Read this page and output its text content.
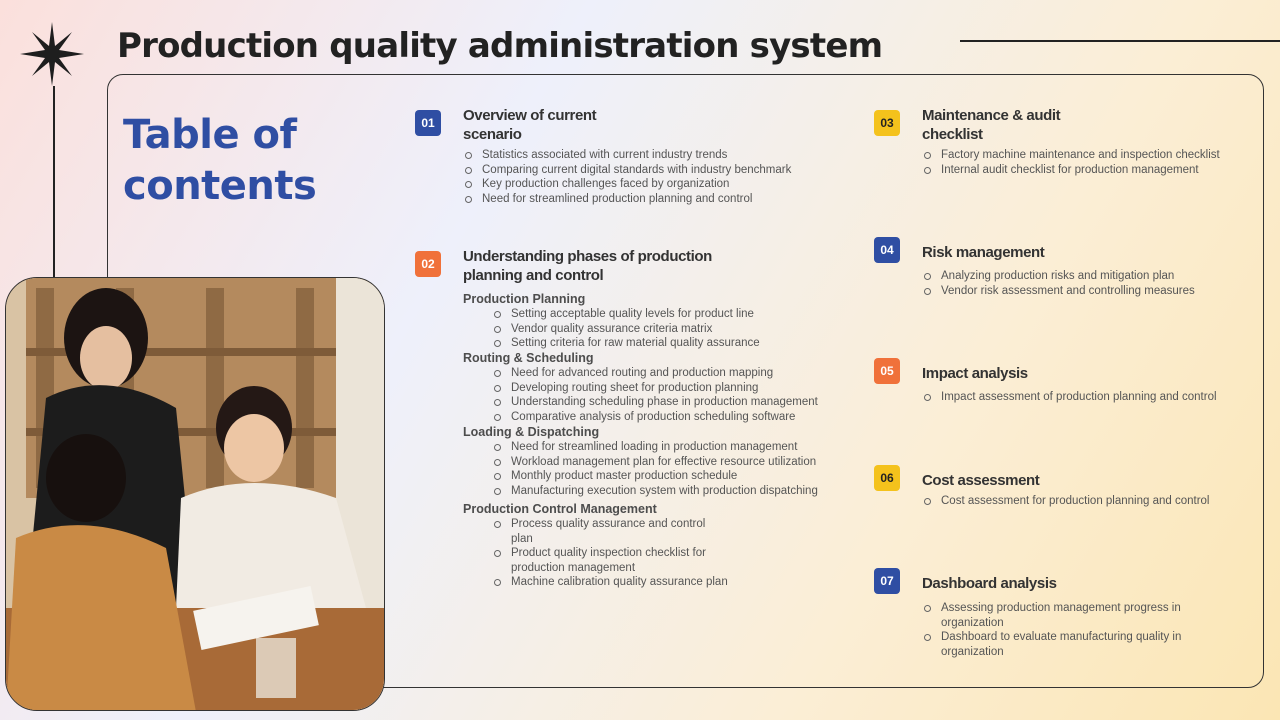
Production quality administration system
Table of contents
01	Overview of current scenario

Statistics associated with current industry trends
Comparing current digital standards with industry benchmark
Key production challenges faced by organization
Need for streamlined production planning and control
02	Understanding phases of production planning and control

Production Planning

Setting acceptable quality levels for product line
Vendor quality assurance criteria matrix
Setting criteria for raw material quality assurance

Routing & Scheduling

Need for advanced routing and production mapping
Developing routing sheet for production planning
Understanding scheduling phase in production management
Comparative analysis of production scheduling software

Loading & Dispatching

Need for streamlined loading in production management
Workload management plan for effective resource utilization
Monthly product master production schedule
Manufacturing execution system with production dispatching

Production Control Management

Process quality assurance and control plan
Product quality inspection checklist for production management
Machine calibration quality assurance plan
03	Maintenance & audit checklist

Factory machine maintenance and inspection checklist
Internal audit checklist for production management
04	Risk management

Analyzing production risks and mitigation plan
Vendor risk assessment and controlling measures
05	Impact analysis

Impact assessment of production planning and control
06	Cost assessment

Cost assessment for production planning and control
07	Dashboard analysis

Assessing production management progress in organization
Dashboard to evaluate manufacturing quality in organization
